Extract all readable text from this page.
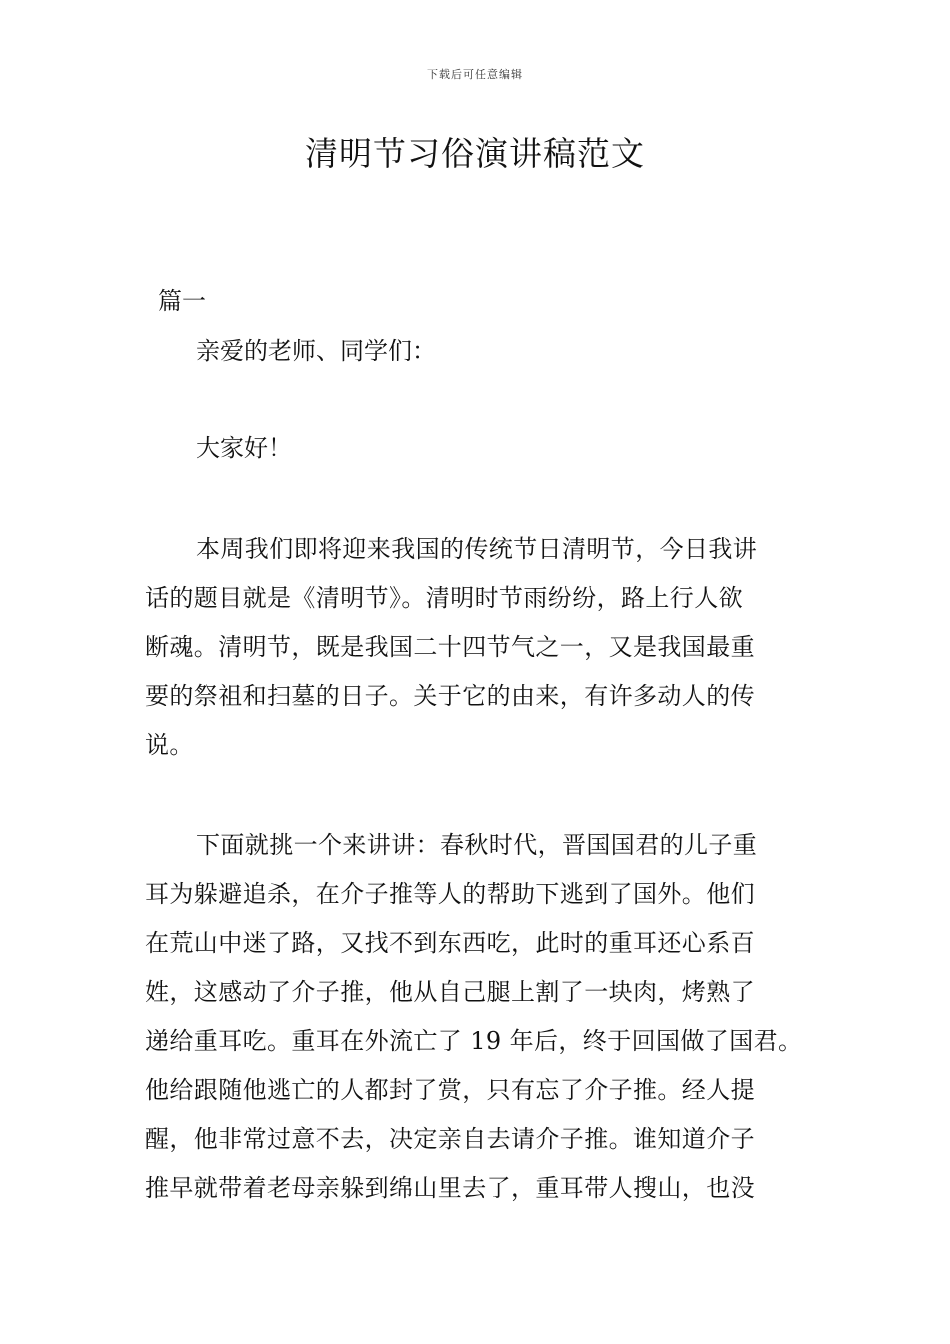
下载后可任意编辑
清明节习俗演讲稿范文
篇一
亲爱的老师、同学们：
大家好！
本周我们即将迎来我国的传统节日清明节，今日我讲
话的题目就是《清明节》。清明时节雨纷纷，路上行人欲
断魂。清明节，既是我国二十四节气之一，又是我国最重
要的祭祖和扫墓的日子。关于它的由来，有许多动人的传
说。
下面就挑一个来讲讲：春秋时代，晋国国君的儿子重
耳为躲避追杀，在介子推等人的帮助下逃到了国外。他们
在荒山中迷了路，又找不到东西吃，此时的重耳还心系百
姓，这感动了介子推，他从自己腿上割了一块肉，烤熟了
递给重耳吃。重耳在外流亡了 19 年后，终于回国做了国君。
他给跟随他逃亡的人都封了赏，只有忘了介子推。经人提
醒，他非常过意不去，决定亲自去请介子推。谁知道介子
推早就带着老母亲躲到绵山里去了，重耳带人搜山，也没
